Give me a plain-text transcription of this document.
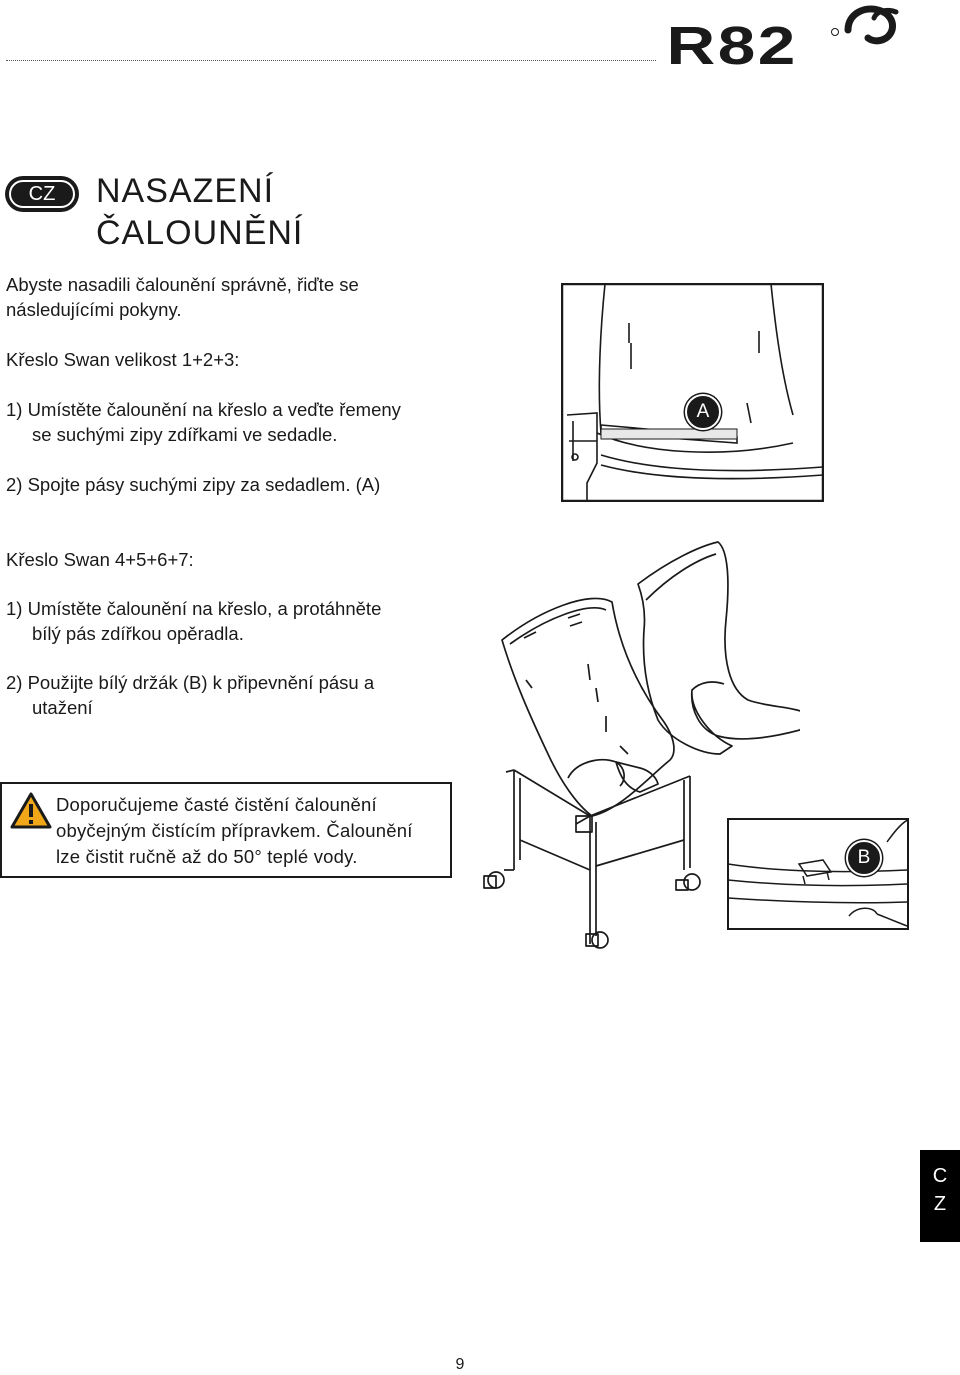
R82
CZ	NASAZENÍ
ČALOUNĚNÍ

Abyste nasadili čalounění správně, řiďte se
následujícími pokyny.

Křeslo Swan velikost 1+2+3:

1) Umístěte čalounění na křeslo a veďte řemeny

se suchými zipy zdířkami ve sedadle.

2) Spojte pásy suchými zipy za sedadlem. (A)

Křeslo Swan 4+5+6+7:

1) Umístěte čalounění na křeslo, a protáhněte

bílý pás zdířkou opěradla.

2) Použijte bílý držák (B) k připevnění pásu a

utažení

A
B

Doporučujeme časté čistění čalounění
obyčejným čistícím přípravkem. Čalounění
lze čistit ručně až do 50° teplé vody.

C
Z
9
